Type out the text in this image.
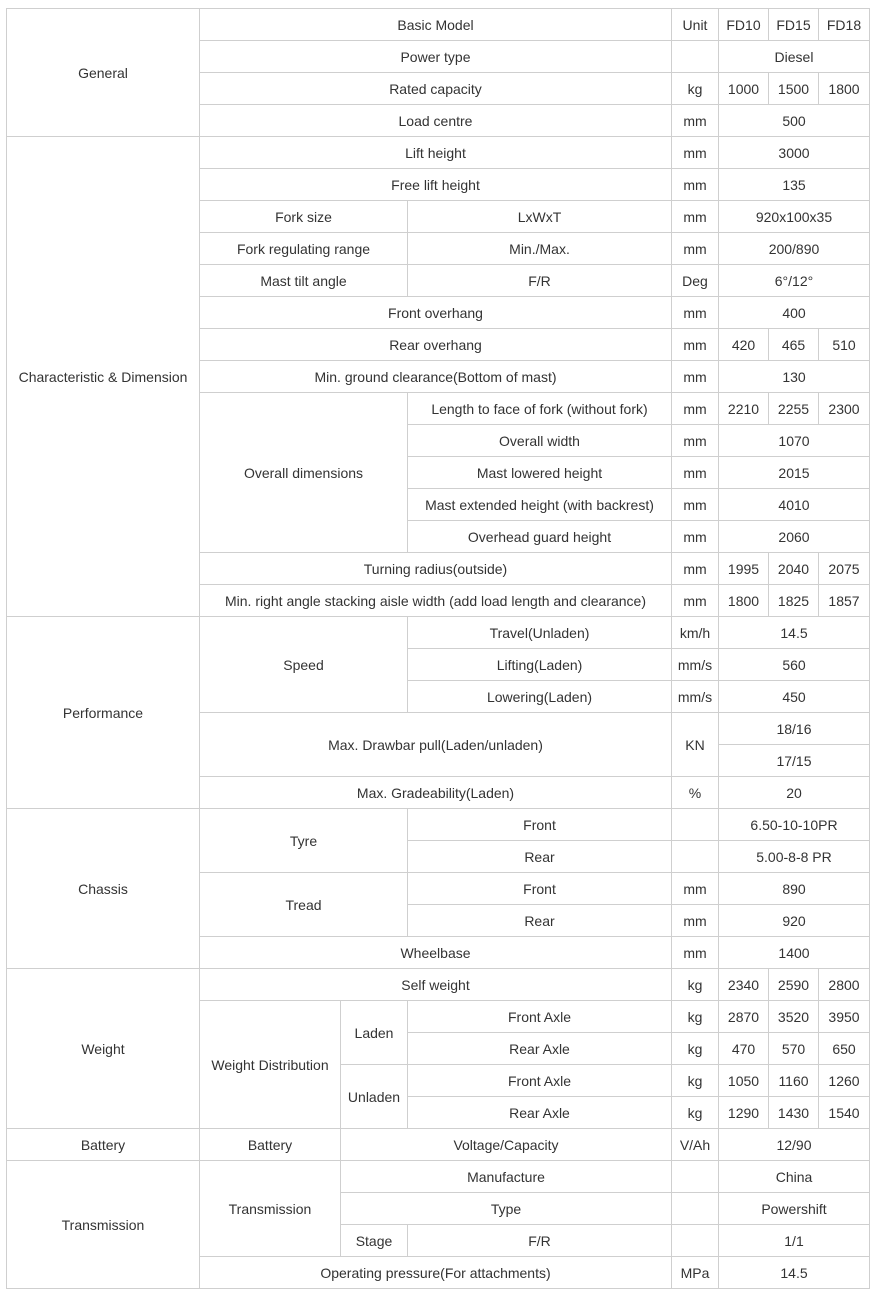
General	Basic Model			Unit	FD10	FD15	FD18
	Power type				Diesel		
	Rated capacity			kg	1000	1500	1800
	Load centre			mm	500		
Characteristic & Dimension	Lift height			mm	3000		
	Free lift height			mm	135		
	Fork size		LxWxT	mm	920x100x35		
	Fork regulating range		Min./Max.	mm	200/890		
	Mast tilt angle		F/R	Deg	6°/12°		
	Front overhang			mm	400		
	Rear overhang			mm	420	465	510
	Min. ground clearance(Bottom of mast)			mm	130		
	Overall dimensions		Length to face of fork (without fork)	mm	2210	2255	2300
			Overall width	mm	1070		
			Mast lowered height	mm	2015		
			Mast extended height (with backrest)	mm	4010		
			Overhead guard height	mm	2060		
	Turning radius(outside)			mm	1995	2040	2075
	Min. right angle stacking aisle width (add load length and clearance)			mm	1800	1825	1857
Performance	Speed		Travel(Unladen)	km/h	14.5		
			Lifting(Laden)	mm/s	560		
			Lowering(Laden)	mm/s	450		
	Max. Drawbar pull(Laden/unladen)			KN	18/16		
					17/15		
	Max. Gradeability(Laden)			%	20		
Chassis	Tyre		Front		6.50-10-10PR		
			Rear		5.00-8-8 PR		
	Tread		Front	mm	890		
			Rear	mm	920		
	Wheelbase			mm	1400		
Weight	Self weight			kg	2340	2590	2800
	Weight Distribution	Laden	Front Axle	kg	2870	3520	3950
			Rear Axle	kg	470	570	650
		Unladen	Front Axle	kg	1050	1160	1260
			Rear Axle	kg	1290	1430	1540
Battery	Battery	Voltage/Capacity		V/Ah	12/90		
Transmission	Transmission	Manufacture			China		
		Type			Powershift		
		Stage	F/R		1/1		
	Operating pressure(For attachments)			MPa	14.5		
